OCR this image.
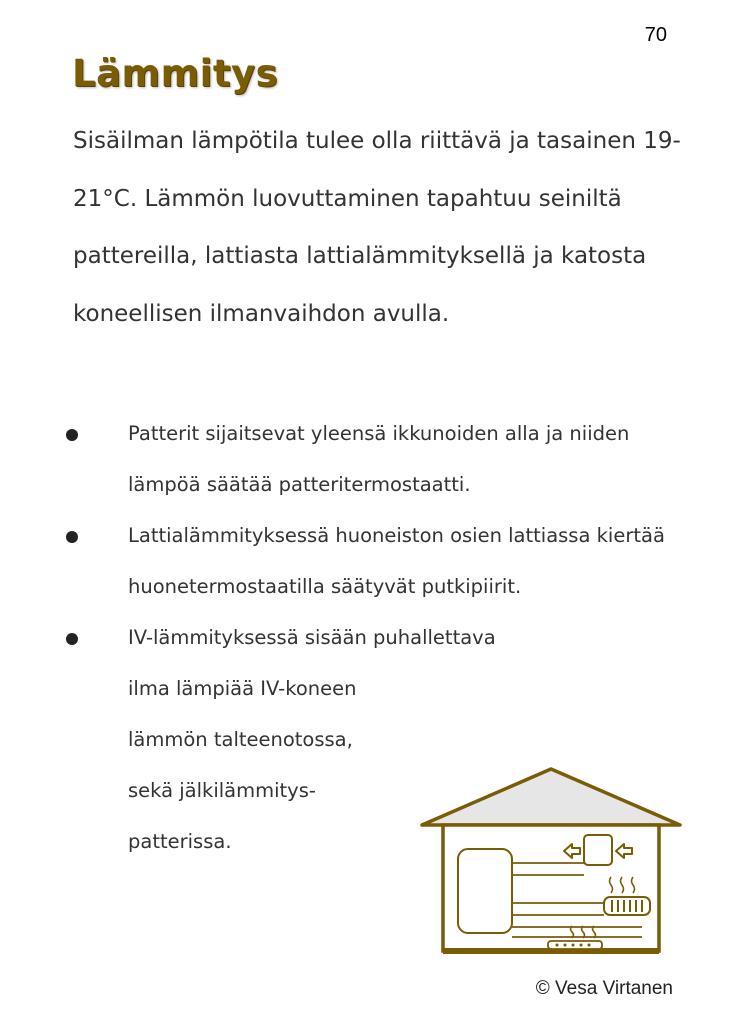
70
Lämmitys

Sisäilman lämpötila tulee olla riittävä ja tasainen 19-21°C. Lämmön luovuttaminen tapahtuu seiniltä pattereilla, lattiasta lattialämmityksellä ja katosta koneellisen ilmanvaihdon avulla.

Patterit sijaitsevat yleensä ikkunoiden alla ja niiden lämpöä säätää patteritermostaatti.
Lattialämmityksessä huoneiston osien lattiassa kiertää huonetermostaatilla säätyvät putkipiirit.
IV-lämmityksessä sisään puhallettava
ilma lämpiää IV-koneen
lämmön talteenotossa,
sekä jälkilämmitys-
patterissa.
© Vesa Virtanen
